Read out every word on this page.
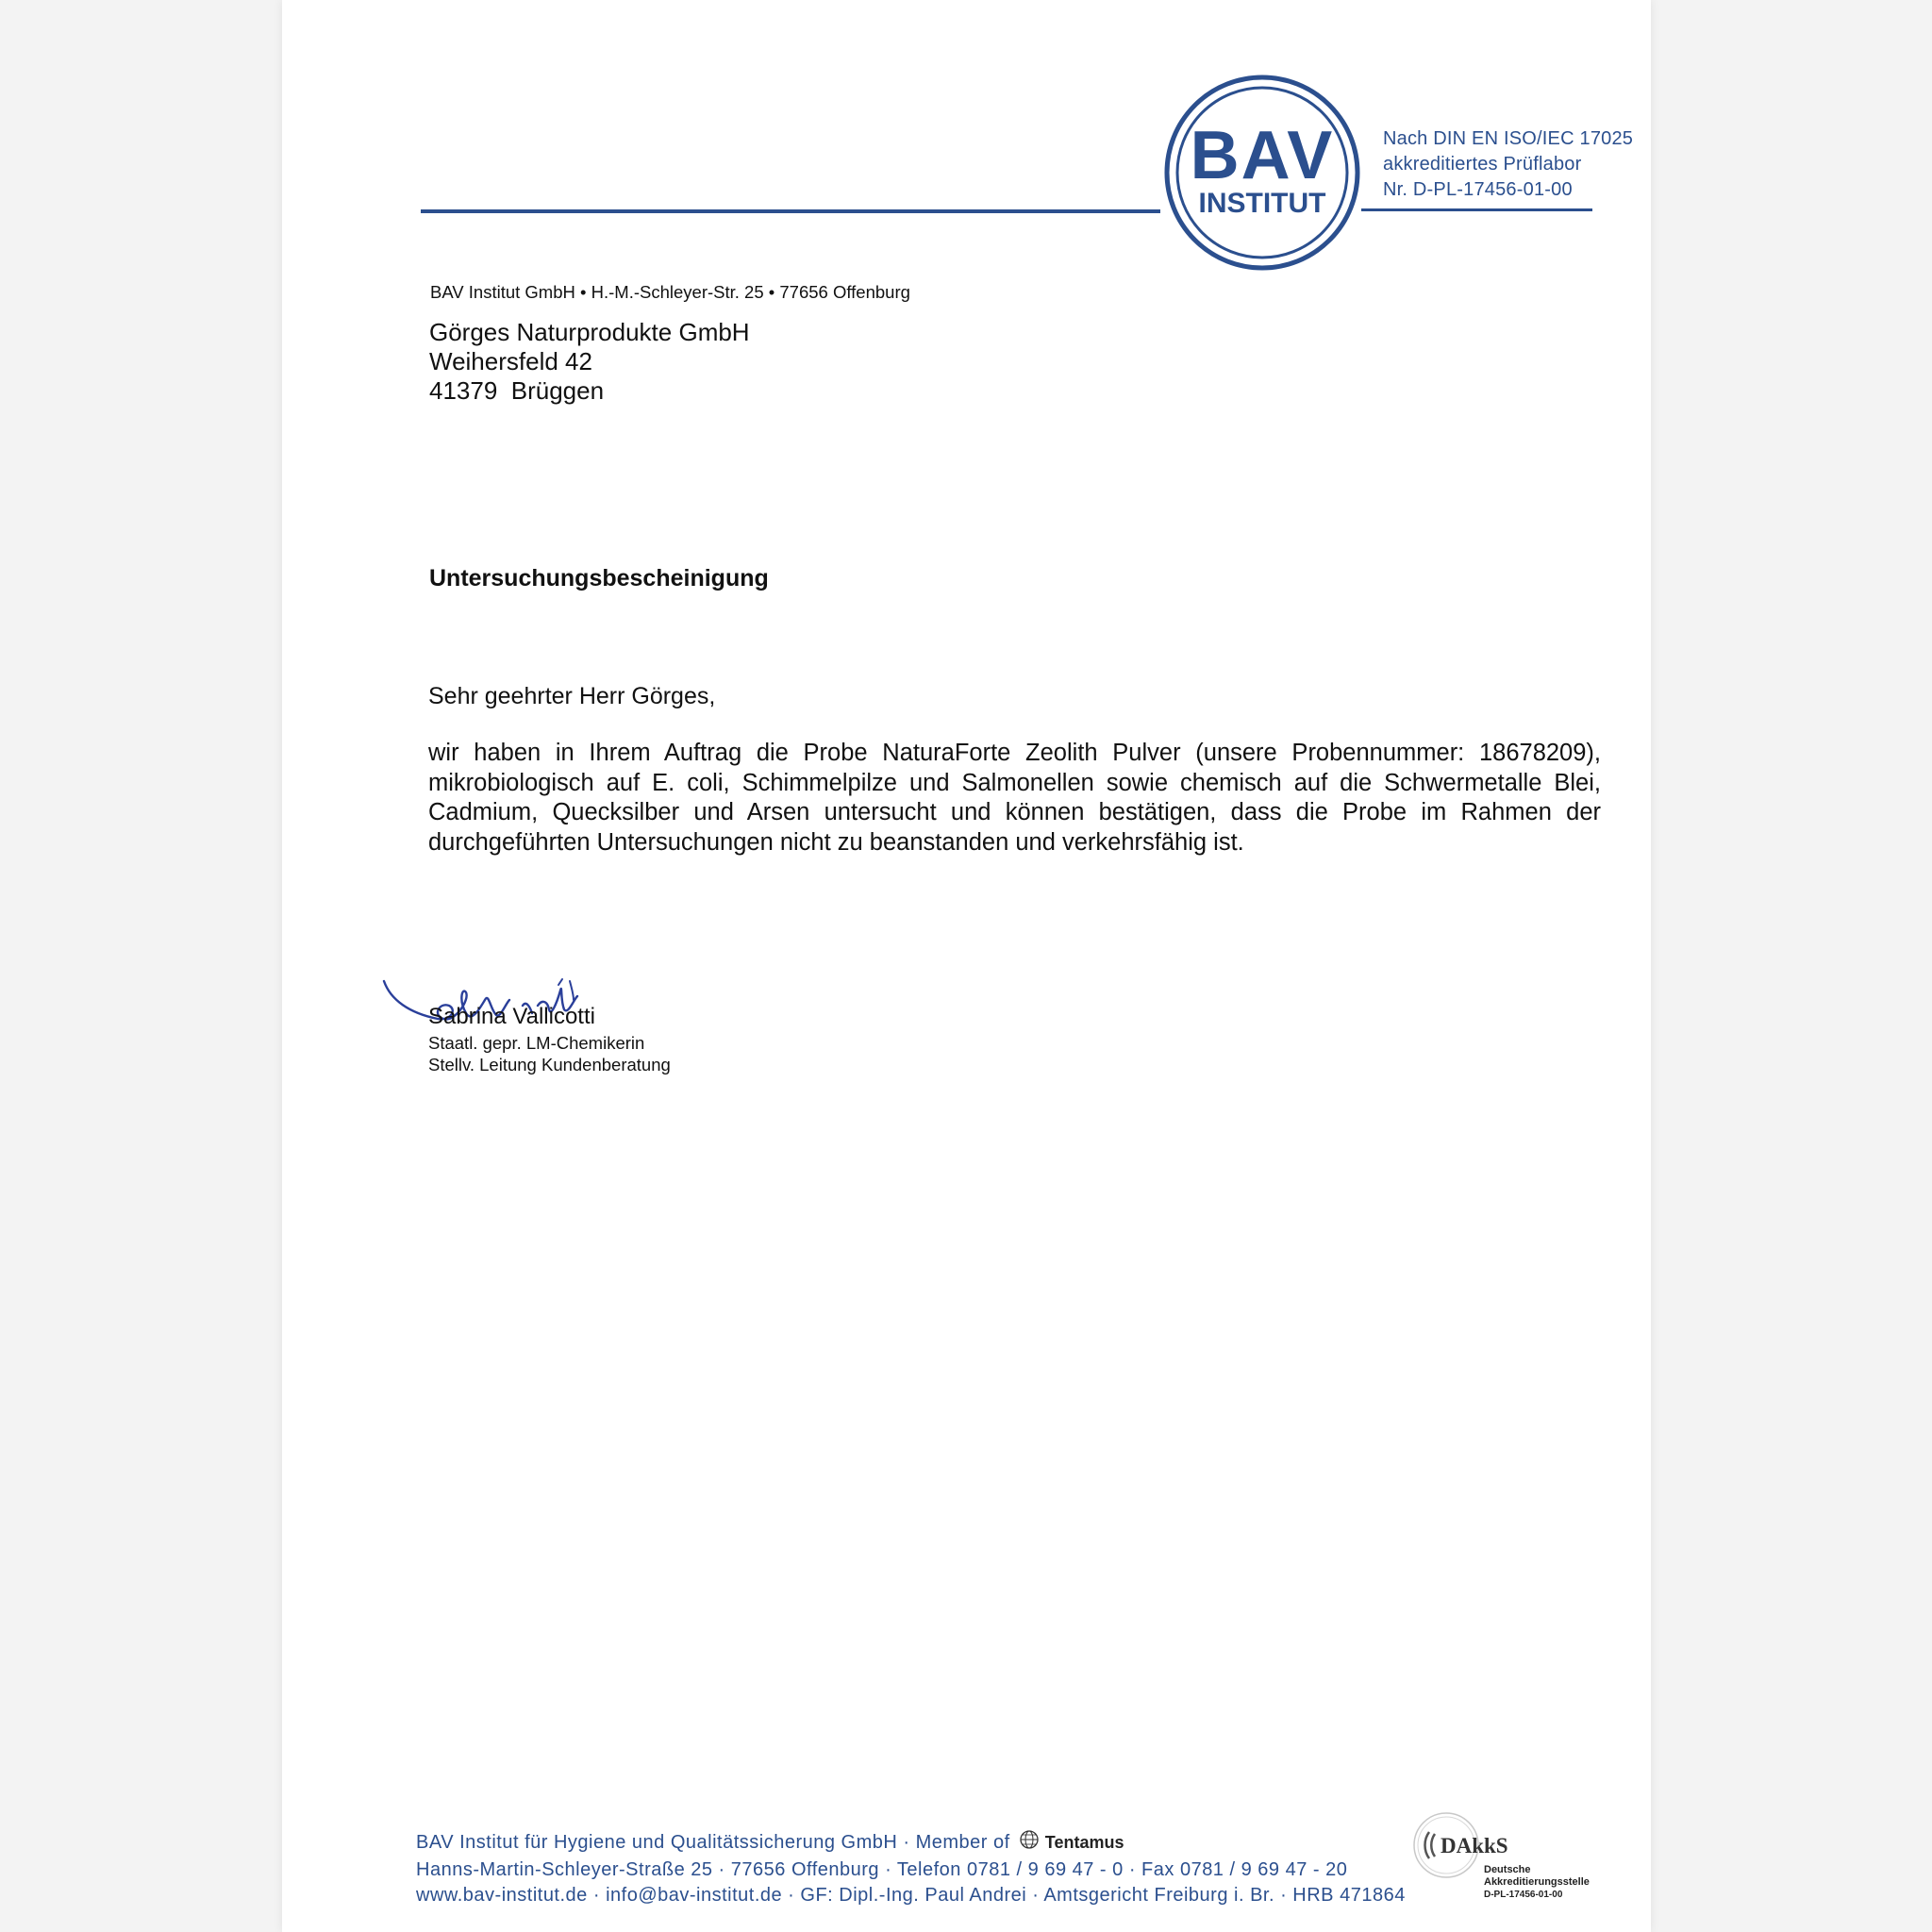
BAV
INSTITUT
Nach DIN EN ISO/IEC 17025
akkreditiertes Prüflabor
Nr. D-PL-17456-01-00
BAV Institut GmbH • H.-M.-Schleyer-Str. 25 • 77656 Offenburg
Görges Naturprodukte GmbH
Weihersfeld 42
41379  Brüggen
Untersuchungsbescheinigung
Sehr geehrter Herr Görges,
wir haben in Ihrem Auftrag die Probe NaturaForte Zeolith Pulver (unsere Probennummer: 18678209), mikrobiologisch auf E. coli, Schimmelpilze und Salmonellen sowie chemisch auf die Schwermetalle Blei, Cadmium, Quecksilber und Arsen untersucht und können bestätigen, dass die Probe im Rahmen der durchgeführten Untersuchungen nicht zu beanstanden und verkehrsfähig ist.
Sabrina Vallicotti
Staatl. gepr. LM-Chemikerin
Stellv. Leitung Kundenberatung
BAV Institut für Hygiene und Qualitätssicherung GmbH · Member of Tentamus
Hanns-Martin-Schleyer-Straße 25 · 77656 Offenburg · Telefon 0781 / 9 69 47 - 0 · Fax 0781 / 9 69 47 - 20
www.bav-institut.de · info@bav-institut.de · GF: Dipl.-Ing. Paul Andrei · Amtsgericht Freiburg i. Br. · HRB 471864
DAkkS
Deutsche
Akkreditierungsstelle
D-PL-17456-01-00
